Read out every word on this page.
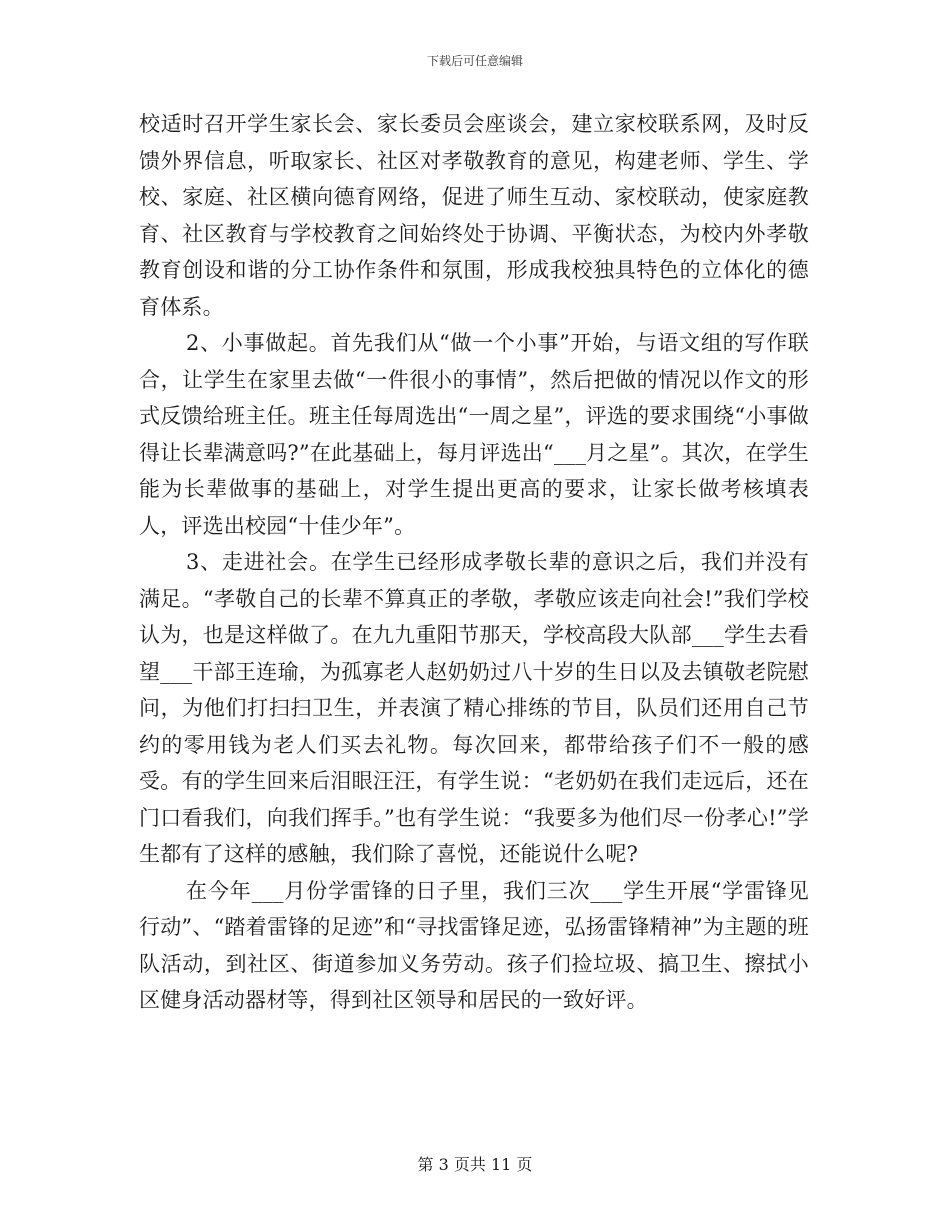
下载后可任意编辑

校适时召开学生家长会、家长委员会座谈会，建立家校联系网，及时反馈外界信息，听取家长、社区对孝敬教育的意见，构建老师、学生、学校、家庭、社区横向德育网络，促进了师生互动、家校联动，使家庭教育、社区教育与学校教育之间始终处于协调、平衡状态，为校内外孝敬教育创设和谐的分工协作条件和氛围，形成我校独具特色的立体化的德育体系。

2、小事做起。首先我们从“做一个小事”开始，与语文组的写作联合，让学生在家里去做“一件很小的事情”，然后把做的情况以作文的形式反馈给班主任。班主任每周选出“一周之星”，评选的要求围绕“小事做得让长辈满意吗?”在此基础上，每月评选出“___月之星”。其次，在学生能为长辈做事的基础上，对学生提出更高的要求，让家长做考核填表人，评选出校园“十佳少年”。

3、走进社会。在学生已经形成孝敬长辈的意识之后，我们并没有满足。“孝敬自己的长辈不算真正的孝敬，孝敬应该走向社会!”我们学校认为，也是这样做了。在九九重阳节那天，学校高段大队部___学生去看望___干部王连瑜，为孤寡老人赵奶奶过八十岁的生日以及去镇敬老院慰问，为他们打扫扫卫生，并表演了精心排练的节目，队员们还用自己节约的零用钱为老人们买去礼物。每次回来，都带给孩子们不一般的感受。有的学生回来后泪眼汪汪，有学生说：“老奶奶在我们走远后，还在门口看我们，向我们挥手。”也有学生说：“我要多为他们尽一份孝心!”学生都有了这样的感触，我们除了喜悦，还能说什么呢?

在今年___月份学雷锋的日子里，我们三次___学生开展“学雷锋见行动”、“踏着雷锋的足迹”和“寻找雷锋足迹，弘扬雷锋精神”为主题的班队活动，到社区、街道参加义务劳动。孩子们捡垃圾、搞卫生、擦拭小区健身活动器材等，得到社区领导和居民的一致好评。

第 3 页共 11 页
